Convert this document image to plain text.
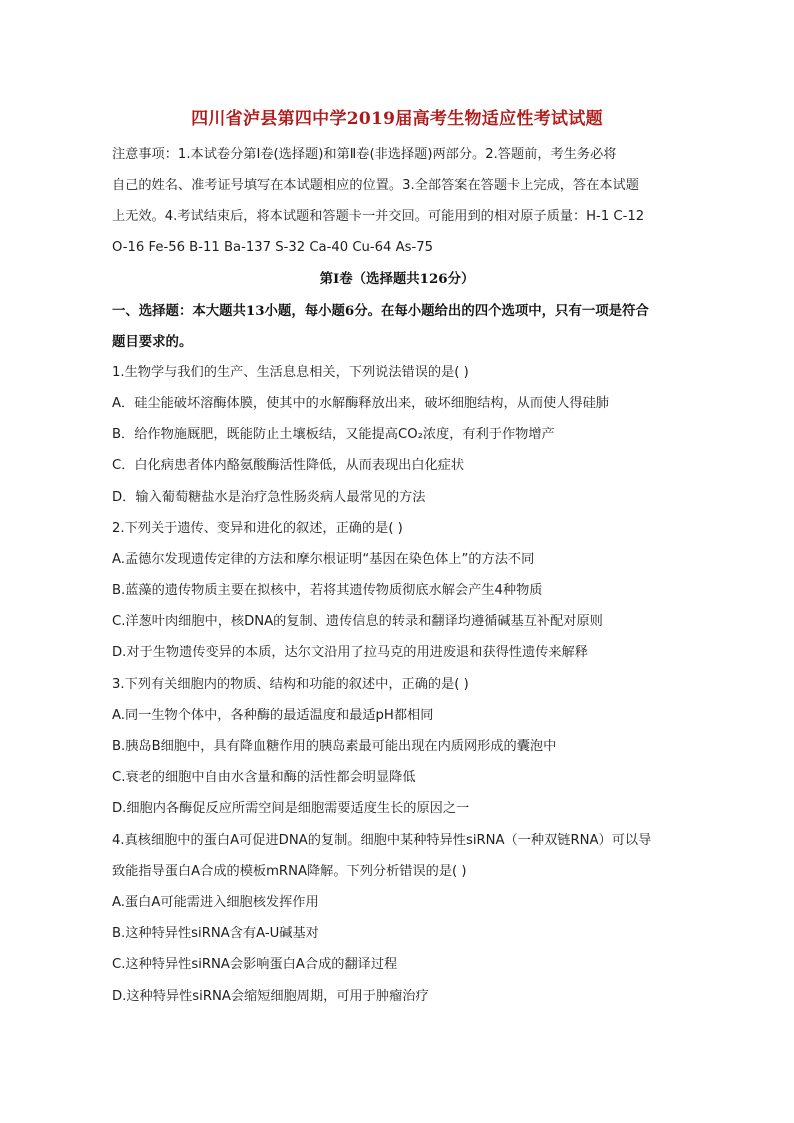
四川省泸县第四中学2019届高考生物适应性考试试题
注意事项：1.本试卷分第Ⅰ卷(选择题)和第Ⅱ卷(非选择题)两部分。2.答题前，考生务必将
自己的姓名、准考证号填写在本试题相应的位置。3.全部答案在答题卡上完成，答在本试题
上无效。4.考试结束后，将本试题和答题卡一并交回。可能用到的相对原子质量：H-1 C-12
O-16 Fe-56 B-11 Ba-137 S-32 Ca-40 Cu-64 As-75
第Ⅰ卷（选择题共126分）
一、选择题：本大题共13小题，每小题6分。在每小题给出的四个选项中，只有一项是符合
题目要求的。
1.生物学与我们的生产、生活息息相关，下列说法错误的是( )
A．硅尘能破坏溶酶体膜，使其中的水解酶释放出来，破坏细胞结构，从而使人得硅肺
B．给作物施厩肥，既能防止土壤板结，又能提高CO₂浓度，有利于作物增产
C．白化病患者体内酪氨酸酶活性降低，从而表现出白化症状
D．输入葡萄糖盐水是治疗急性肠炎病人最常见的方法
2.下列关于遗传、变异和进化的叙述，正确的是( )
A.孟德尔发现遗传定律的方法和摩尔根证明“基因在染色体上”的方法不同
B.蓝藻的遗传物质主要在拟核中，若将其遗传物质彻底水解会产生4种物质
C.洋葱叶肉细胞中，核DNA的复制、遗传信息的转录和翻译均遵循碱基互补配对原则
D.对于生物遗传变异的本质，达尔文沿用了拉马克的用进废退和获得性遗传来解释
3.下列有关细胞内的物质、结构和功能的叙述中，正确的是( )
A.同一生物个体中，各种酶的最适温度和最适pH都相同
B.胰岛B细胞中，具有降血糖作用的胰岛素最可能出现在内质网形成的囊泡中
C.衰老的细胞中自由水含量和酶的活性都会明显降低
D.细胞内各酶促反应所需空间是细胞需要适度生长的原因之一
4.真核细胞中的蛋白A可促进DNA的复制。细胞中某种特异性siRNA（一种双链RNA）可以导
致能指导蛋白A合成的模板mRNA降解。下列分析错误的是( )
A.蛋白A可能需进入细胞核发挥作用
B.这种特异性siRNA含有A-U碱基对
C.这种特异性siRNA会影响蛋白A合成的翻译过程
D.这种特异性siRNA会缩短细胞周期，可用于肿瘤治疗
